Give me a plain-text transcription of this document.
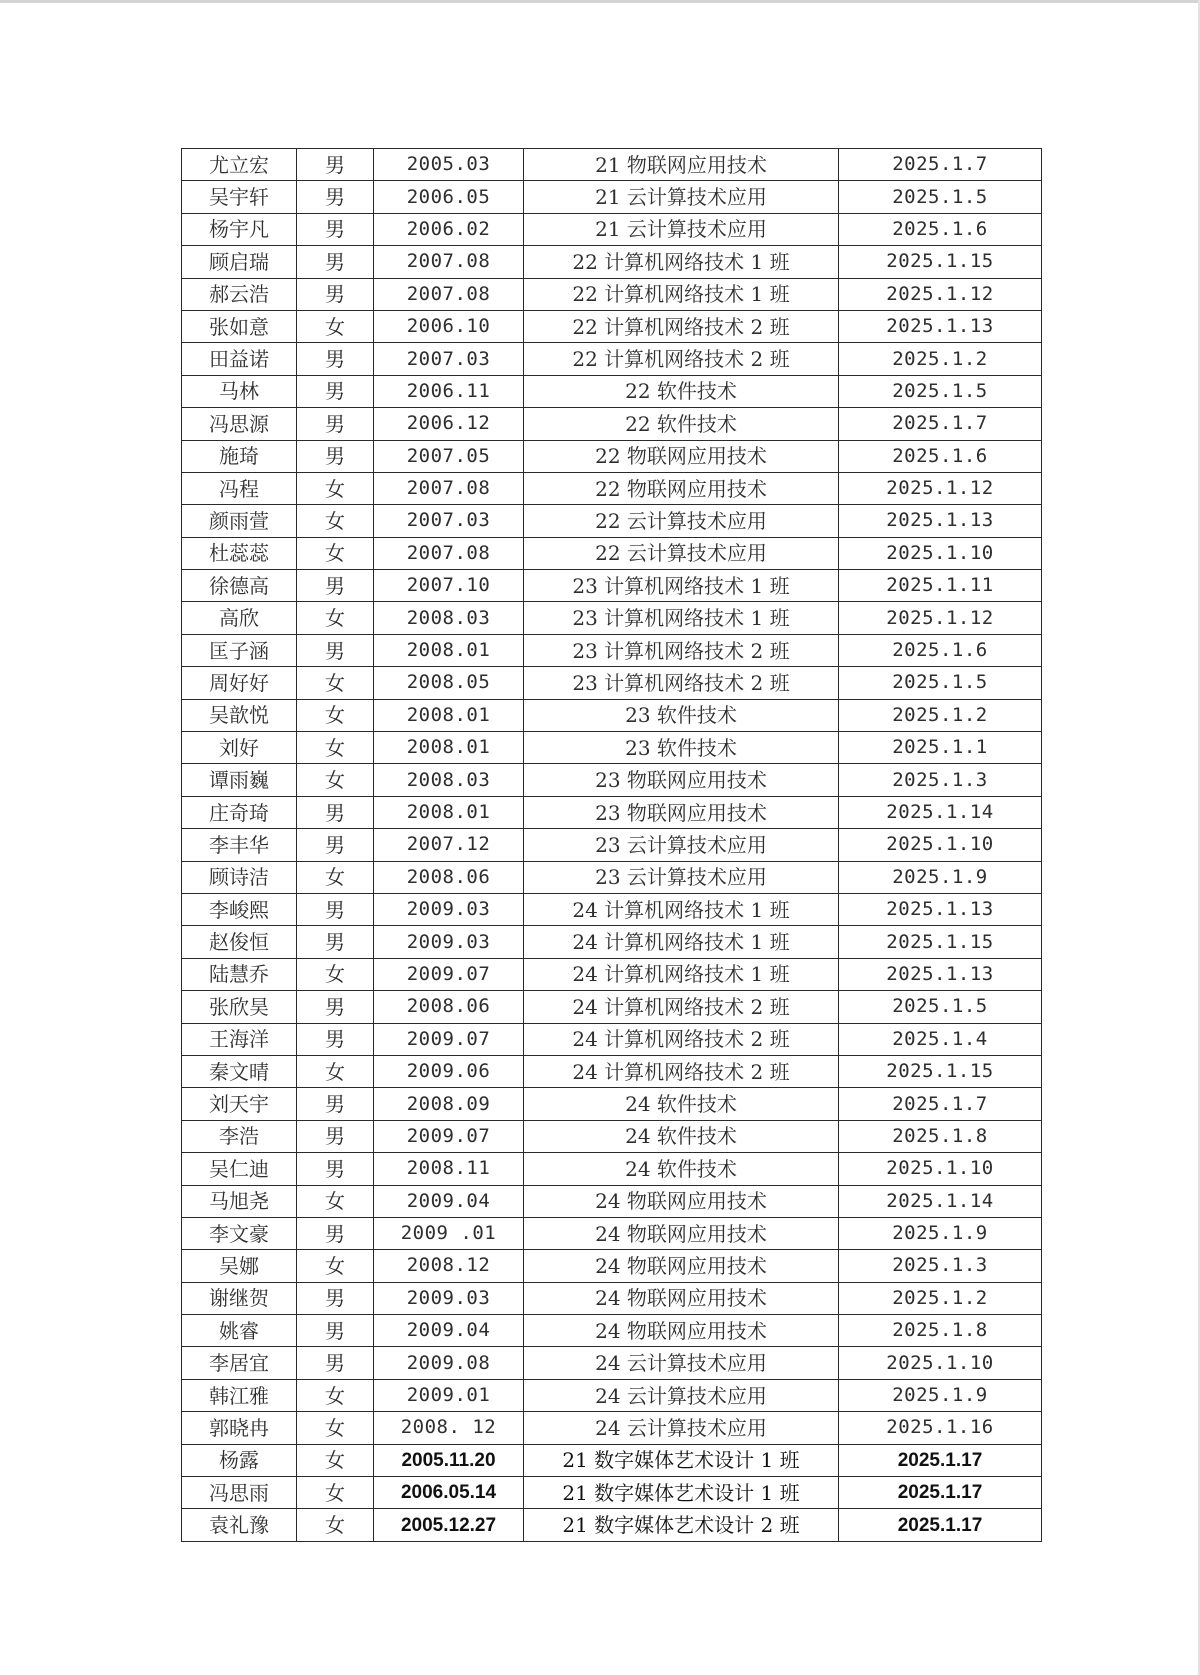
尤立宏	男	2005.03	21 物联网应用技术	2025.1.7
吴宇轩	男	2006.05	21 云计算技术应用	2025.1.5
杨宇凡	男	2006.02	21 云计算技术应用	2025.1.6
顾启瑞	男	2007.08	22 计算机网络技术 1 班	2025.1.15
郝云浩	男	2007.08	22 计算机网络技术 1 班	2025.1.12
张如意	女	2006.10	22 计算机网络技术 2 班	2025.1.13
田益诺	男	2007.03	22 计算机网络技术 2 班	2025.1.2
马林	男	2006.11	22 软件技术	2025.1.5
冯思源	男	2006.12	22 软件技术	2025.1.7
施琦	男	2007.05	22 物联网应用技术	2025.1.6
冯程	女	2007.08	22 物联网应用技术	2025.1.12
颜雨萱	女	2007.03	22 云计算技术应用	2025.1.13
杜蕊蕊	女	2007.08	22 云计算技术应用	2025.1.10
徐德高	男	2007.10	23 计算机网络技术 1 班	2025.1.11
高欣	女	2008.03	23 计算机网络技术 1 班	2025.1.12
匡子涵	男	2008.01	23 计算机网络技术 2 班	2025.1.6
周好好	女	2008.05	23 计算机网络技术 2 班	2025.1.5
吴歆悦	女	2008.01	23 软件技术	2025.1.2
刘好	女	2008.01	23 软件技术	2025.1.1
谭雨巍	女	2008.03	23 物联网应用技术	2025.1.3
庄奇琦	男	2008.01	23 物联网应用技术	2025.1.14
李丰华	男	2007.12	23 云计算技术应用	2025.1.10
顾诗洁	女	2008.06	23 云计算技术应用	2025.1.9
李峻熙	男	2009.03	24 计算机网络技术 1 班	2025.1.13
赵俊恒	男	2009.03	24 计算机网络技术 1 班	2025.1.15
陆慧乔	女	2009.07	24 计算机网络技术 1 班	2025.1.13
张欣昊	男	2008.06	24 计算机网络技术 2 班	2025.1.5
王海洋	男	2009.07	24 计算机网络技术 2 班	2025.1.4
秦文晴	女	2009.06	24 计算机网络技术 2 班	2025.1.15
刘天宇	男	2008.09	24 软件技术	2025.1.7
李浩	男	2009.07	24 软件技术	2025.1.8
吴仁迪	男	2008.11	24 软件技术	2025.1.10
马旭尧	女	2009.04	24 物联网应用技术	2025.1.14
李文豪	男	2009 .01	24 物联网应用技术	2025.1.9
吴娜	女	2008.12	24 物联网应用技术	2025.1.3
谢继贺	男	2009.03	24 物联网应用技术	2025.1.2
姚睿	男	2009.04	24 物联网应用技术	2025.1.8
李居宜	男	2009.08	24 云计算技术应用	2025.1.10
韩江雅	女	2009.01	24 云计算技术应用	2025.1.9
郭晓冉	女	2008. 12	24 云计算技术应用	2025.1.16
杨露	女	2005.11.20	21 数字媒体艺术设计 1 班	2025.1.17
冯思雨	女	2006.05.14	21 数字媒体艺术设计 1 班	2025.1.17
袁礼豫	女	2005.12.27	21 数字媒体艺术设计 2 班	2025.1.17
